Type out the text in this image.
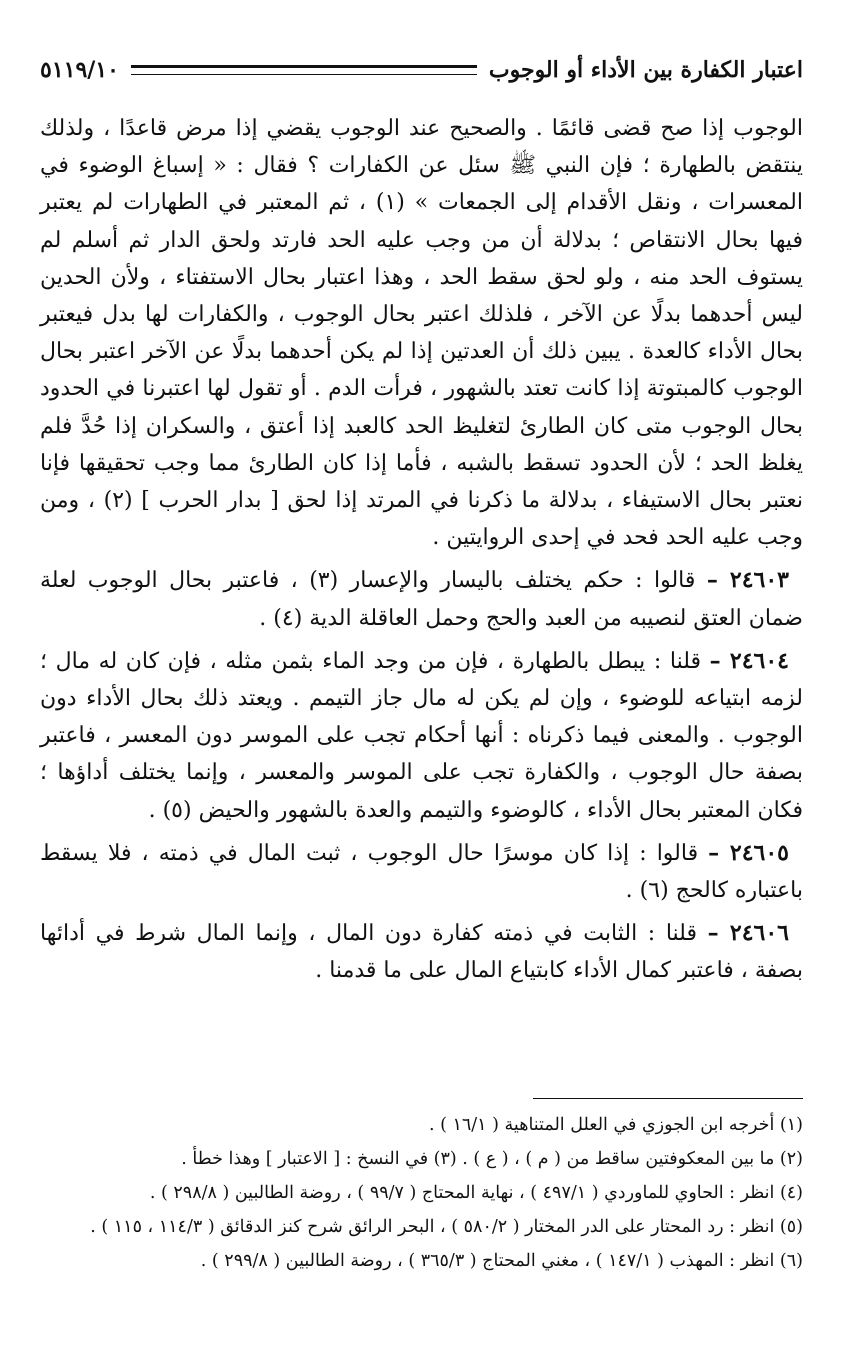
اعتبار الكفارة بين الأداء أو الوجوب
٥١١٩/١٠

الوجوب إذا صح قضى قائمًا . والصحيح عند الوجوب يقضي إذا مرض قاعدًا ، ولذلك ينتقض بالطهارة ؛ فإن النبي ﷺ سئل عن الكفارات ؟ فقال : « إسباغ الوضوء في المعسرات ، ونقل الأقدام إلى الجمعات » (١) ، ثم المعتبر في الطهارات لم يعتبر فيها بحال الانتقاص ؛ بدلالة أن من وجب عليه الحد فارتد ولحق الدار ثم أسلم لم يستوف الحد منه ، ولو لحق سقط الحد ، وهذا اعتبار بحال الاستفتاء ، ولأن الحدين ليس أحدهما بدلًا عن الآخر ، فلذلك اعتبر بحال الوجوب ، والكفارات لها بدل فيعتبر بحال الأداء كالعدة . يبين ذلك أن العدتين إذا لم يكن أحدهما بدلًا عن الآخر اعتبر بحال الوجوب كالمبتوتة إذا كانت تعتد بالشهور ، فرأت الدم . أو تقول لها اعتبرنا في الحدود بحال الوجوب متى كان الطارئ لتغليظ الحد كالعبد إذا أعتق ، والسكران إذا حُدَّ فلم يغلظ الحد ؛ لأن الحدود تسقط بالشبه ، فأما إذا كان الطارئ مما وجب تحقيقها فإنا نعتبر بحال الاستيفاء ، بدلالة ما ذكرنا في المرتد إذا لحق [ بدار الحرب ] (٢) ، ومن وجب عليه الحد فحد في إحدى الروايتين .

٢٤٦٠٣ – قالوا : حكم يختلف باليسار والإعسار (٣) ، فاعتبر بحال الوجوب لعلة ضمان العتق لنصيبه من العبد والحج وحمل العاقلة الدية (٤) .

٢٤٦٠٤ – قلنا : يبطل بالطهارة ، فإن من وجد الماء بثمن مثله ، فإن كان له مال ؛ لزمه ابتياعه للوضوء ، وإن لم يكن له مال جاز التيمم . ويعتد ذلك بحال الأداء دون الوجوب . والمعنى فيما ذكرناه : أنها أحكام تجب على الموسر دون المعسر ، فاعتبر بصفة حال الوجوب ، والكفارة تجب على الموسر والمعسر ، وإنما يختلف أداؤها ؛ فكان المعتبر بحال الأداء ، كالوضوء والتيمم والعدة بالشهور والحيض (٥) .

٢٤٦٠٥ – قالوا : إذا كان موسرًا حال الوجوب ، ثبت المال في ذمته ، فلا يسقط باعتباره كالحج (٦) .

٢٤٦٠٦ – قلنا : الثابت في ذمته كفارة دون المال ، وإنما المال شرط في أدائها بصفة ، فاعتبر كمال الأداء كابتياع المال على ما قدمنا .

(١) أخرجه ابن الجوزي في العلل المتناهية ( ١٦/١ ) .
(٢) ما بين المعكوفتين ساقط من ( م ) ، ( ع ) . (٣) في النسخ : [ الاعتبار ] وهذا خطأ .
(٤) انظر : الحاوي للماوردي ( ٤٩٧/١ ) ، نهاية المحتاج ( ٩٩/٧ ) ، روضة الطالبين ( ٢٩٨/٨ ) .
(٥) انظر : رد المحتار على الدر المختار ( ٥٨٠/٢ ) ، البحر الرائق شرح كنز الدقائق ( ١١٤/٣ ، ١١٥ ) .
(٦) انظر : المهذب ( ١٤٧/١ ) ، مغني المحتاج ( ٣٦٥/٣ ) ، روضة الطالبين ( ٢٩٩/٨ ) .
